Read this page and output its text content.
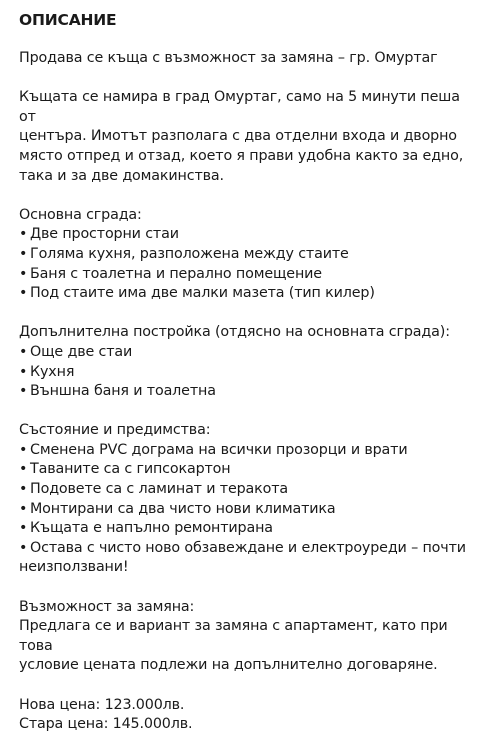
ОПИСАНИЕ

Продава се къща с възможност за замяна – гр. Омуртаг

Къщата се намира в град Омуртаг, само на 5 минути пеша от
центъра. Имотът разполага с два отделни входа и дворно
място отпред и отзад, което я прави удобна както за едно,
така и за две домакинства.
Основна сграда:
• Две просторни стаи
• Голяма кухня, разположена между стаите
• Баня с тоалетна и перално помещение
• Под стаите има две малки мазета (тип килер)
Допълнителна постройка (отдясно на основната сграда):
• Още две стаи
• Кухня
• Външна баня и тоалетна
Състояние и предимства:
• Сменена PVC дограма на всички прозорци и врати
• Таваните са с гипсокартон
• Подовете са с ламинат и теракота
• Монтирани са два чисто нови климатика
• Къщата е напълно ремонтирана
• Остава с чисто ново обзавеждане и електроуреди – почти
неизползвани!
Възможност за замяна:
Предлага се и вариант за замяна с апартамент, като при това
условие цената подлежи на допълнително договаряне.
Нова цена: 123.000лв.
Стара цена: 145.000лв.
